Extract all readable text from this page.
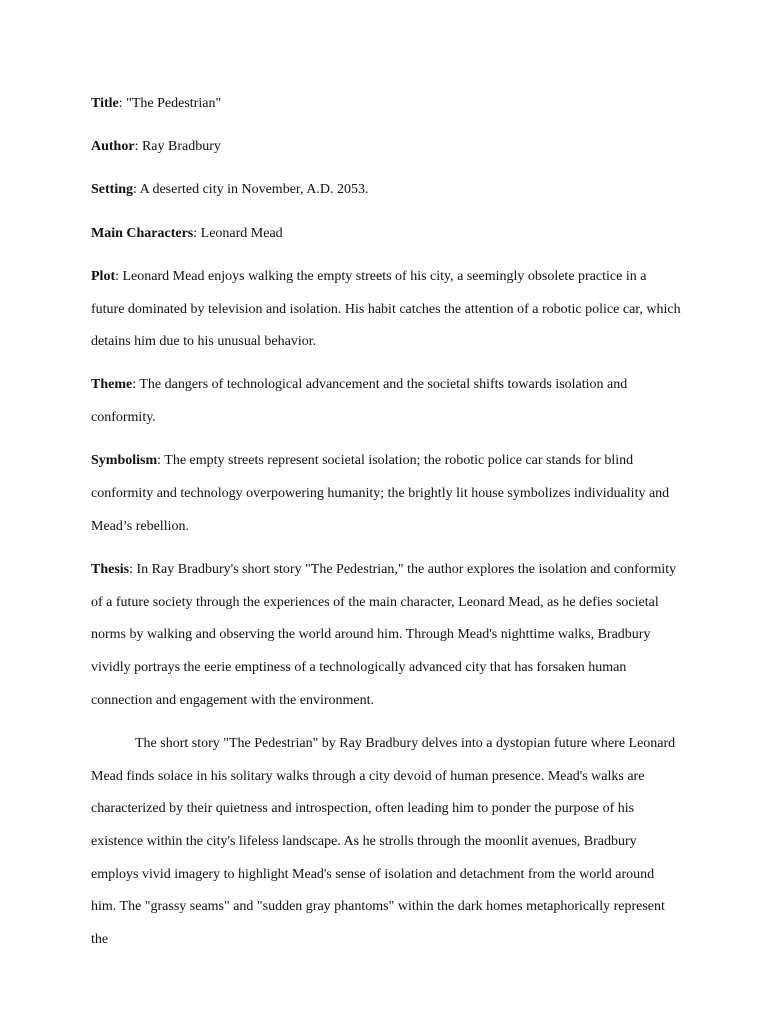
Title: "The Pedestrian"

Author: Ray Bradbury

Setting: A deserted city in November, A.D. 2053.

Main Characters: Leonard Mead

Plot: Leonard Mead enjoys walking the empty streets of his city, a seemingly obsolete practice in a future dominated by television and isolation. His habit catches the attention of a robotic police car, which detains him due to his unusual behavior.

Theme: The dangers of technological advancement and the societal shifts towards isolation and conformity.

Symbolism: The empty streets represent societal isolation; the robotic police car stands for blind conformity and technology overpowering humanity; the brightly lit house symbolizes individuality and Mead’s rebellion.

Thesis: In Ray Bradbury's short story "The Pedestrian," the author explores the isolation and conformity of a future society through the experiences of the main character, Leonard Mead, as he defies societal norms by walking and observing the world around him. Through Mead's nighttime walks, Bradbury vividly portrays the eerie emptiness of a technologically advanced city that has forsaken human connection and engagement with the environment.

The short story "The Pedestrian" by Ray Bradbury delves into a dystopian future where Leonard Mead finds solace in his solitary walks through a city devoid of human presence. Mead's walks are characterized by their quietness and introspection, often leading him to ponder the purpose of his existence within the city's lifeless landscape. As he strolls through the moonlit avenues, Bradbury employs vivid imagery to highlight Mead's sense of isolation and detachment from the world around him. The "grassy seams" and "sudden gray phantoms" within the dark homes metaphorically represent the
